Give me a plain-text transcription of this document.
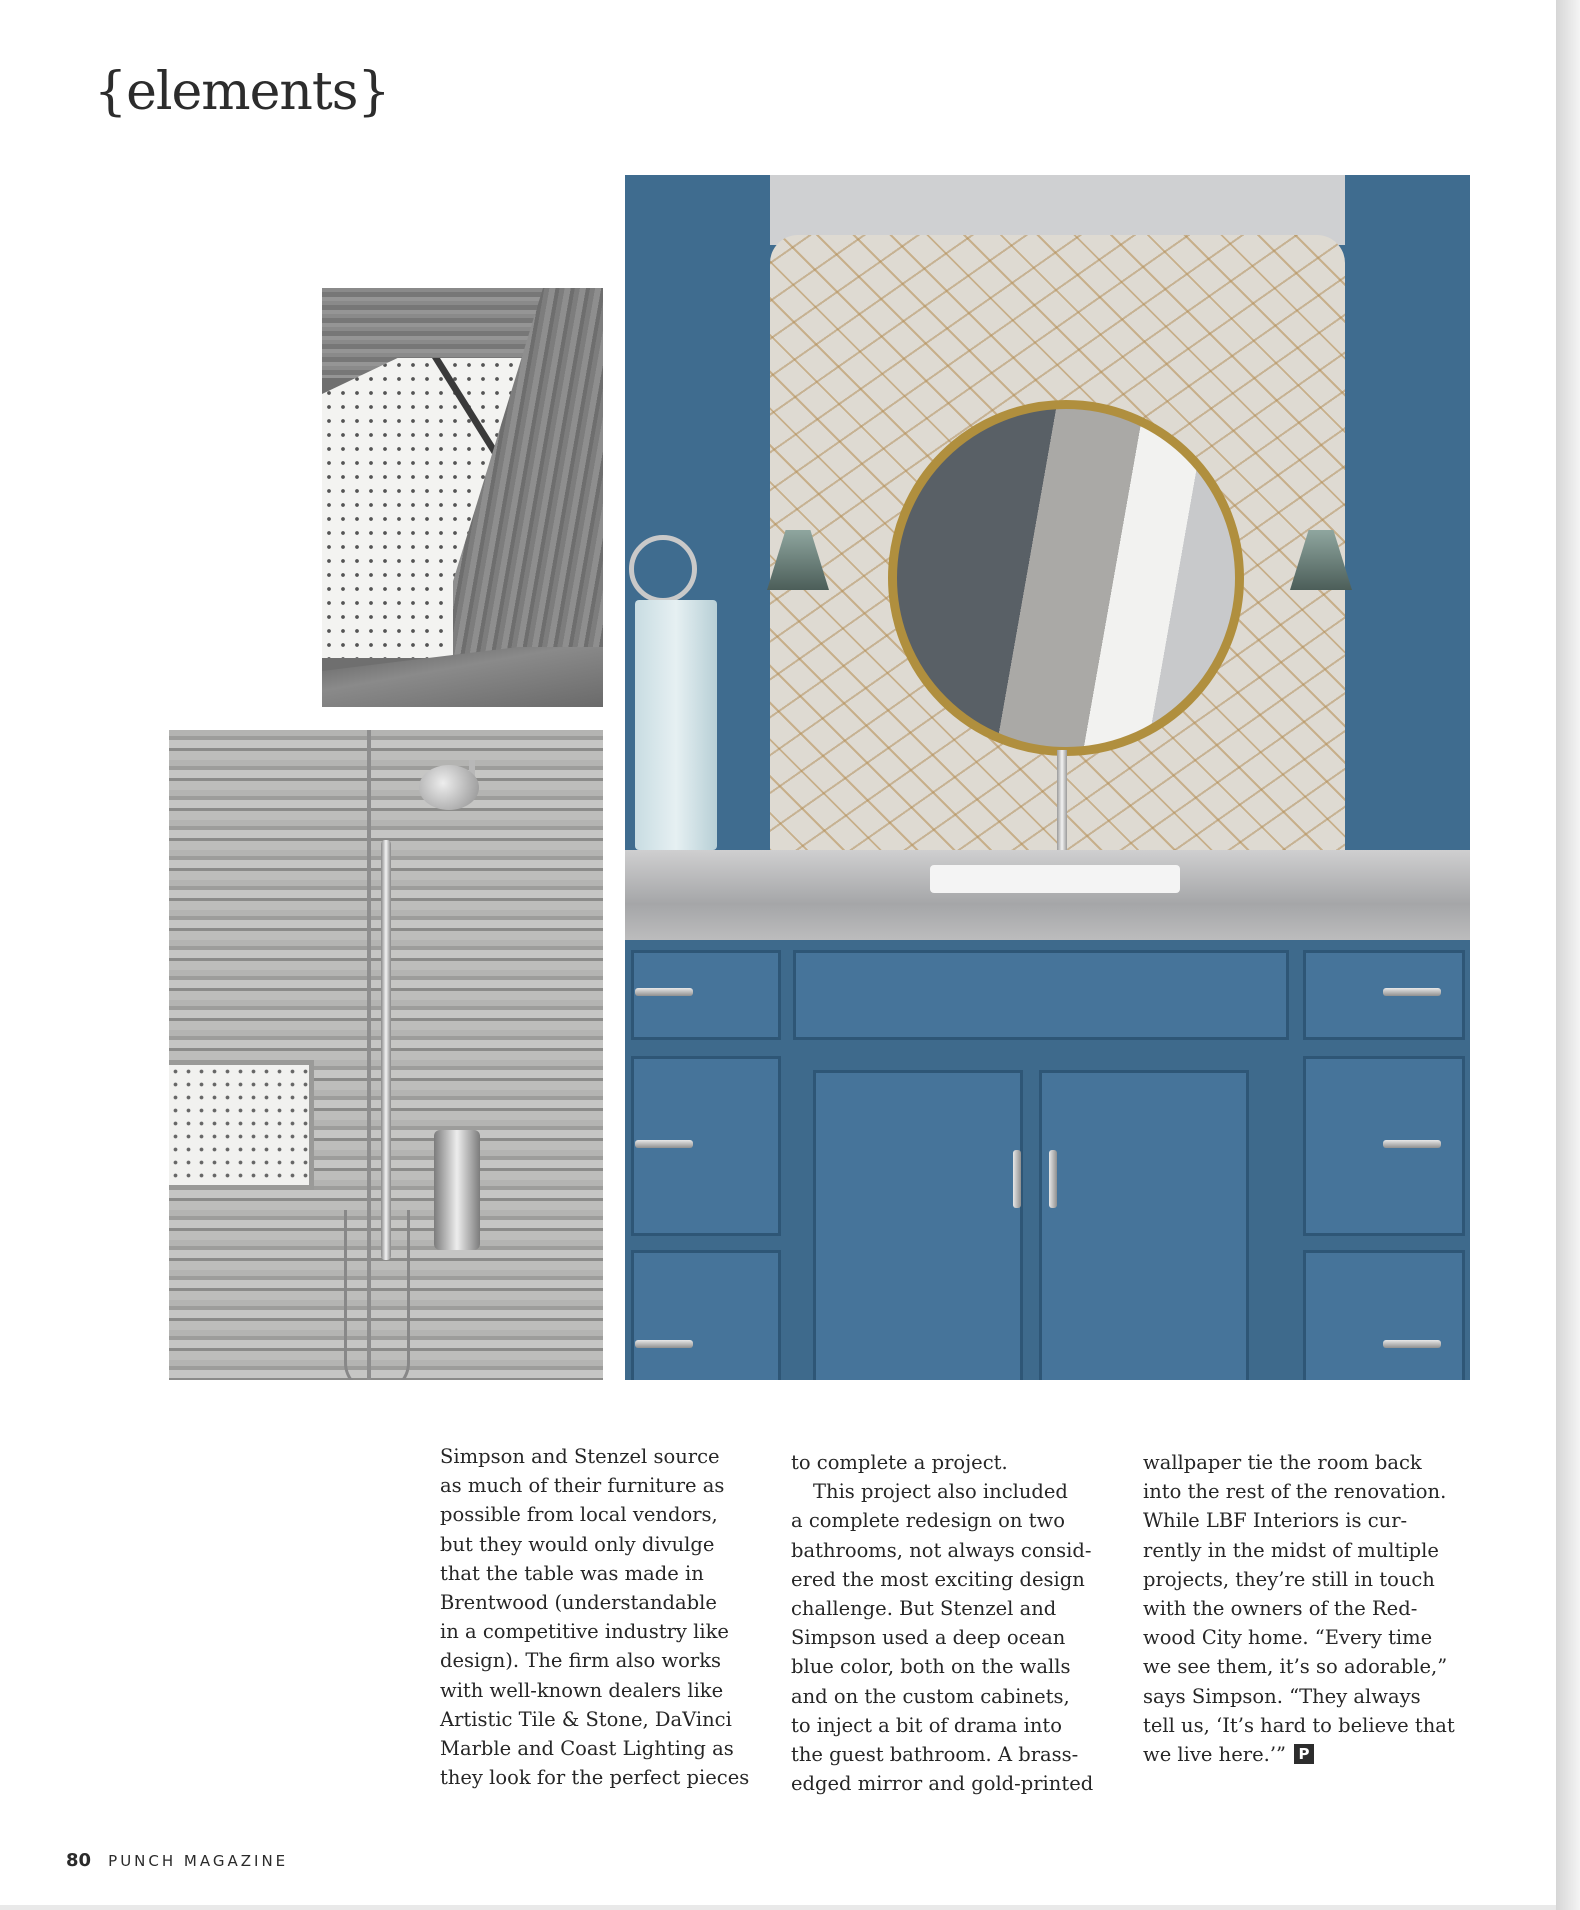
{elements}
Simpson and Stenzel source
as much of their furniture as
possible from local vendors,
but they would only divulge
that the table was made in
Brentwood (understandable
in a competitive industry like
design). The firm also works
with well-known dealers like
Artistic Tile & Stone, DaVinci
Marble and Coast Lighting as
they look for the perfect pieces
to complete a project.
This project also included
a complete redesign on two
bathrooms, not always consid-
ered the most exciting design
challenge. But Stenzel and
Simpson used a deep ocean
blue color, both on the walls
and on the custom cabinets,
to inject a bit of drama into
the guest bathroom. A brass-
edged mirror and gold-printed
wallpaper tie the room back
into the rest of the renovation.
While LBF Interiors is cur-
rently in the midst of multiple
projects, they’re still in touch
with the owners of the Red-
wood City home. “Every time
we see them, it’s so adorable,”
says Simpson. “They always
tell us, ‘It’s hard to believe that
we live here.’” P
80 PUNCH MAGAZINE
